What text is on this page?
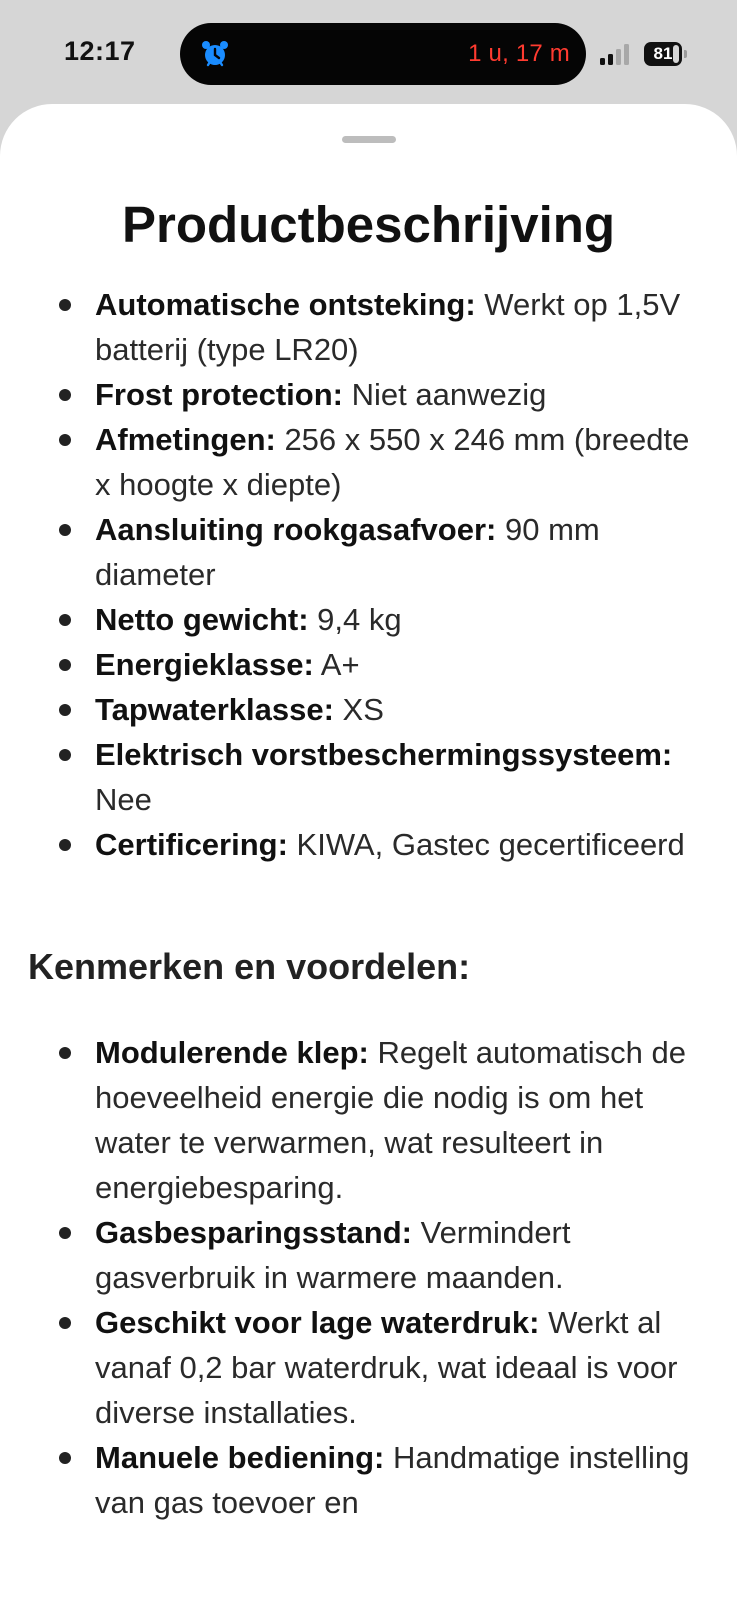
12:17	1 u, 17 m	81
Productbeschrijving
Automatische ontsteking: Werkt op 1,5V batterij (type LR20)
Frost protection: Niet aanwezig
Afmetingen: 256 x 550 x 246 mm (breedte x hoogte x diepte)
Aansluiting rookgasafvoer: 90 mm diameter
Netto gewicht: 9,4 kg
Energieklasse: A+
Tapwaterklasse: XS
Elektrisch vorstbeschermingssysteem: Nee
Certificering: KIWA, Gastec gecertificeerd
Kenmerken en voordelen:
Modulerende klep: Regelt automatisch de hoeveelheid energie die nodig is om het water te verwarmen, wat resulteert in energiebesparing.
Gasbesparingsstand: Vermindert gasverbruik in warmere maanden.
Geschikt voor lage waterdruk: Werkt al vanaf 0,2 bar waterdruk, wat ideaal is voor diverse installaties.
Manuele bediening: Handmatige instelling van gas toevoer en
